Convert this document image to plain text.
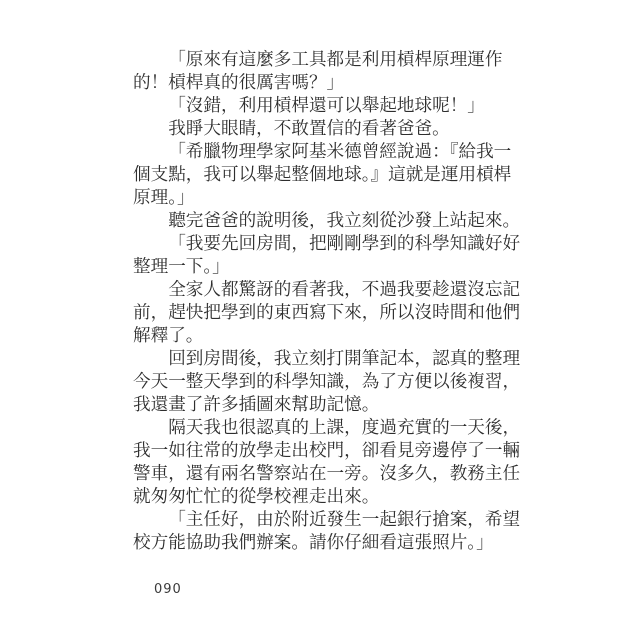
「原來有這麼多工具都是利用槓桿原理運作
的！槓桿真的很厲害嗎？」
「沒錯，利用槓桿還可以舉起地球呢！」
我睜大眼睛，不敢置信的看著爸爸。
「希臘物理學家阿基米德曾經說過：『給我一
個支點，我可以舉起整個地球。』這就是運用槓桿
原理。」
聽完爸爸的說明後，我立刻從沙發上站起來。
「我要先回房間，把剛剛學到的科學知識好好
整理一下。」
全家人都驚訝的看著我，不過我要趁還沒忘記
前，趕快把學到的東西寫下來，所以沒時間和他們
解釋了。
回到房間後，我立刻打開筆記本，認真的整理
今天一整天學到的科學知識，為了方便以後複習，
我還畫了許多插圖來幫助記憶。
隔天我也很認真的上課，度過充實的一天後，
我一如往常的放學走出校門，卻看見旁邊停了一輛
警車，還有兩名警察站在一旁。沒多久，教務主任
就匆匆忙忙的從學校裡走出來。
「主任好，由於附近發生一起銀行搶案，希望
校方能協助我們辦案。請你仔細看這張照片。」
090
